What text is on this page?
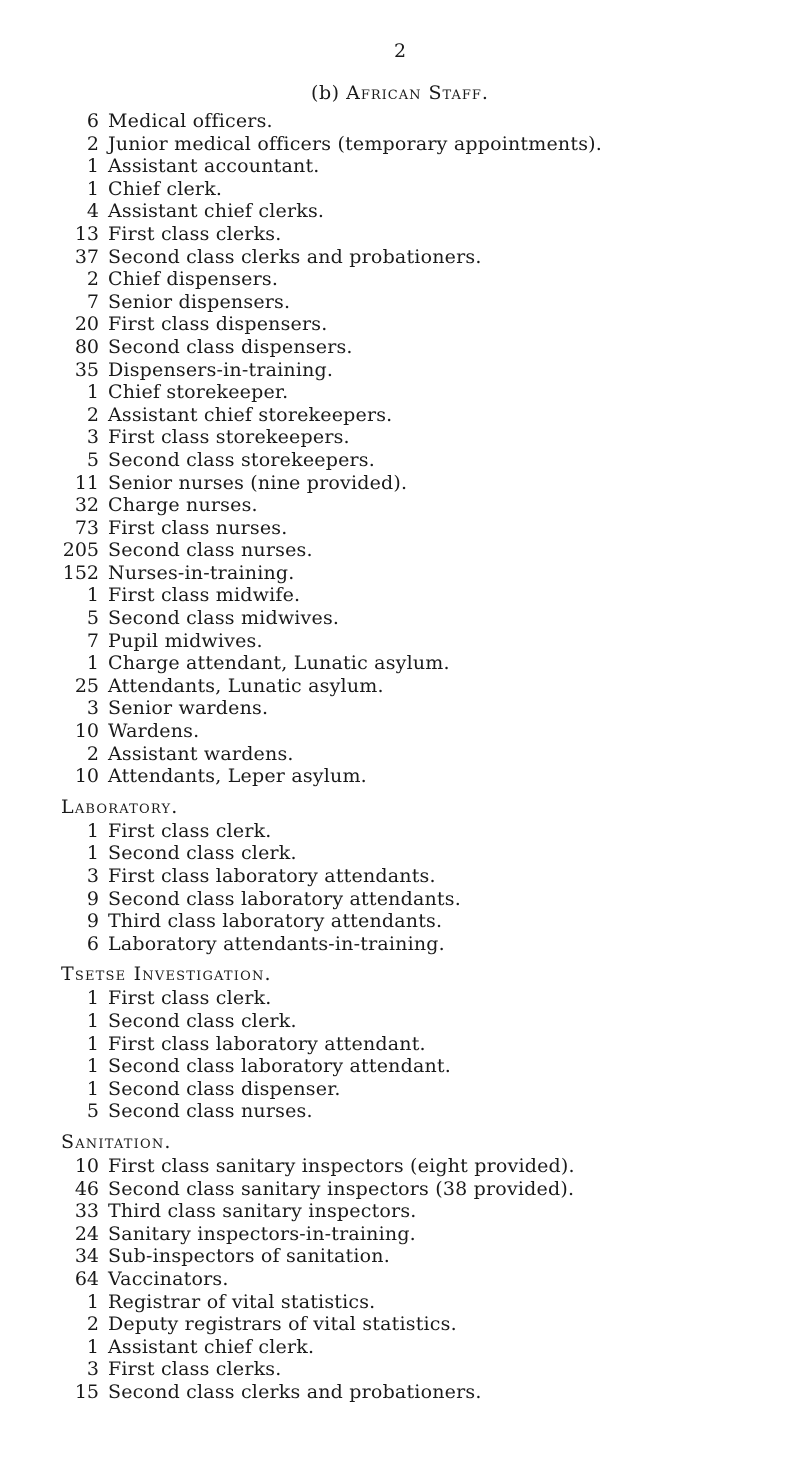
2
(b) African Staff.
6 Medical officers.
2 Junior medical officers (temporary appointments).
1 Assistant accountant.
1 Chief clerk.
4 Assistant chief clerks.
13 First class clerks.
37 Second class clerks and probationers.
2 Chief dispensers.
7 Senior dispensers.
20 First class dispensers.
80 Second class dispensers.
35 Dispensers-in-training.
1 Chief storekeeper.
2 Assistant chief storekeepers.
3 First class storekeepers.
5 Second class storekeepers.
11 Senior nurses (nine provided).
32 Charge nurses.
73 First class nurses.
205 Second class nurses.
152 Nurses-in-training.
1 First class midwife.
5 Second class midwives.
7 Pupil midwives.
1 Charge attendant, Lunatic asylum.
25 Attendants, Lunatic asylum.
3 Senior wardens.
10 Wardens.
2 Assistant wardens.
10 Attendants, Leper asylum.
Laboratory.
1 First class clerk.
1 Second class clerk.
3 First class laboratory attendants.
9 Second class laboratory attendants.
9 Third class laboratory attendants.
6 Laboratory attendants-in-training.
Tsetse Investigation.
1 First class clerk.
1 Second class clerk.
1 First class laboratory attendant.
1 Second class laboratory attendant.
1 Second class dispenser.
5 Second class nurses.
Sanitation.
10 First class sanitary inspectors (eight provided).
46 Second class sanitary inspectors (38 provided).
33 Third class sanitary inspectors.
24 Sanitary inspectors-in-training.
34 Sub-inspectors of sanitation.
64 Vaccinators.
1 Registrar of vital statistics.
2 Deputy registrars of vital statistics.
1 Assistant chief clerk.
3 First class clerks.
15 Second class clerks and probationers.
